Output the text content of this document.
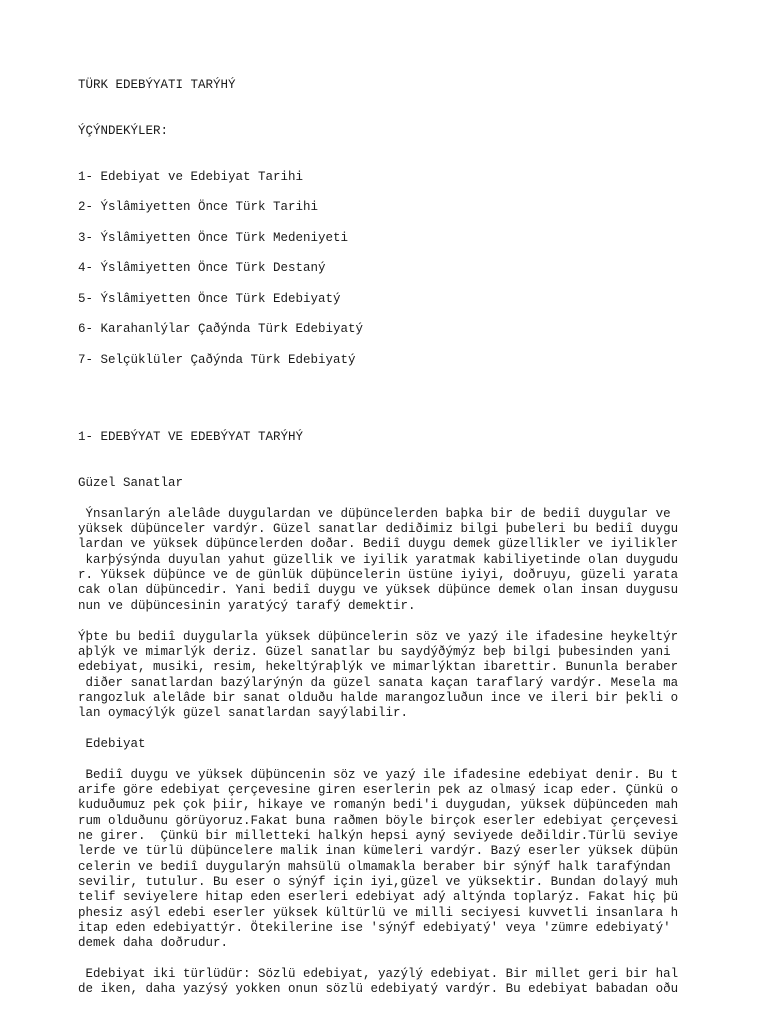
TÜRK EDEBÝYATI TARÝHÝ
ÝÇÝNDEKÝLER:
1- Edebiyat ve Edebiyat Tarihi
2- Ýslâmiyetten Önce Türk Tarihi
3- Ýslâmiyetten Önce Türk Medeniyeti
4- Ýslâmiyetten Önce Türk Destaný
5- Ýslâmiyetten Önce Türk Edebiyatý
6- Karahanlýlar Çaðýnda Türk Edebiyatý
7- Selçüklüler Çaðýnda Türk Edebiyatý
1- EDEBÝYAT VE EDEBÝYAT TARÝHÝ
Güzel Sanatlar
Ýnsanlarýn alelâde duygulardan ve düþüncelerden baþka bir de bediî duygular ve
yüksek düþünceler vardýr. Güzel sanatlar dediðimiz bilgi þubeleri bu bediî duygu
lardan ve yüksek düþüncelerden doðar. Bediî duygu demek güzellikler ve iyilikler
karþýsýnda duyulan yahut güzellik ve iyilik yaratmak kabiliyetinde olan duygudu
r. Yüksek düþünce ve de günlük düþüncelerin üstüne iyiyi, doðruyu, güzeli yarata
cak olan düþüncedir. Yani bediî duygu ve yüksek düþünce demek olan insan duygusu
nun ve düþüncesinin yaratýcý tarafý demektir.
Ýþte bu bediî duygularla yüksek düþüncelerin söz ve yazý ile ifadesine heykeltýr
aþlýk ve mimarlýk deriz. Güzel sanatlar bu saydýðýmýz beþ bilgi þubesinden yani
edebiyat, musiki, resim, hekeltýraþlýk ve mimarlýktan ibarettir. Bununla beraber
diðer sanatlardan bazýlarýnýn da güzel sanata kaçan taraflarý vardýr. Mesela ma
rangozluk alelâde bir sanat olduðu halde marangozluðun ince ve ileri bir þekli o
lan oymacýlýk güzel sanatlardan sayýlabilir.
Edebiyat
Bediî duygu ve yüksek düþüncenin söz ve yazý ile ifadesine edebiyat denir. Bu t
arife göre edebiyat çerçevesine giren eserlerin pek az olmasý icap eder. Çünkü o
kuduðumuz pek çok þiir, hikaye ve romanýn bedi'i duygudan, yüksek düþünceden mah
rum olduðunu görüyoruz.Fakat buna raðmen böyle birçok eserler edebiyat çerçevesi
ne girer.  Çünkü bir milletteki halkýn hepsi ayný seviyede deðildir.Türlü seviye
lerde ve türlü düþüncelere malik inan kümeleri vardýr. Bazý eserler yüksek düþün
celerin ve bediî duygularýn mahsülü olmamakla beraber bir sýnýf halk tarafýndan
sevilir, tutulur. Bu eser o sýnýf için iyi,güzel ve yüksektir. Bundan dolayý muh
telif seviyelere hitap eden eserleri edebiyat adý altýnda toplarýz. Fakat hiç þü
phesiz asýl edebi eserler yüksek kültürlü ve milli seciyesi kuvvetli insanlara h
itap eden edebiyattýr. Ötekilerine ise 'sýnýf edebiyatý' veya 'zümre edebiyatý'
demek daha doðrudur.
Edebiyat iki türlüdür: Sözlü edebiyat, yazýlý edebiyat. Bir millet geri bir hal
de iken, daha yazýsý yokken onun sözlü edebiyatý vardýr. Bu edebiyat babadan oðu
